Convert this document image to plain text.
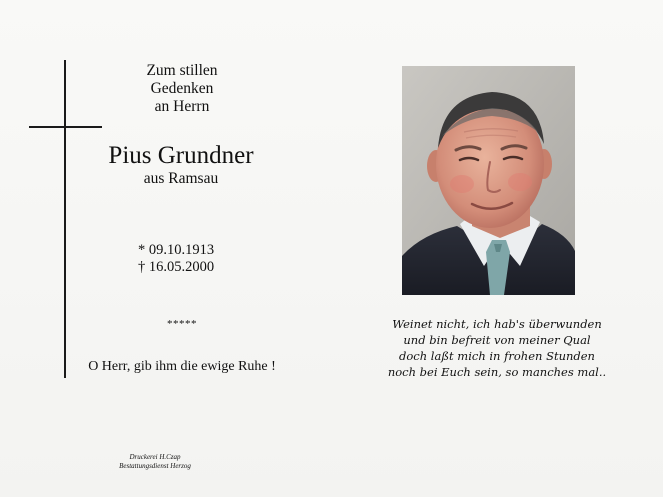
Zum stillen
Gedenken
an Herrn
Pius Grundner
aus Ramsau
* 09.10.1913
† 16.05.2000
*****
O Herr, gib ihm die ewige Ruhe !
Druckerei H.Czap
Bestattungsdienst Herzog
Weinet nicht, ich hab's überwunden
und bin befreit von meiner Qual
doch laßt mich in frohen Stunden
noch bei Euch sein, so manches mal..
